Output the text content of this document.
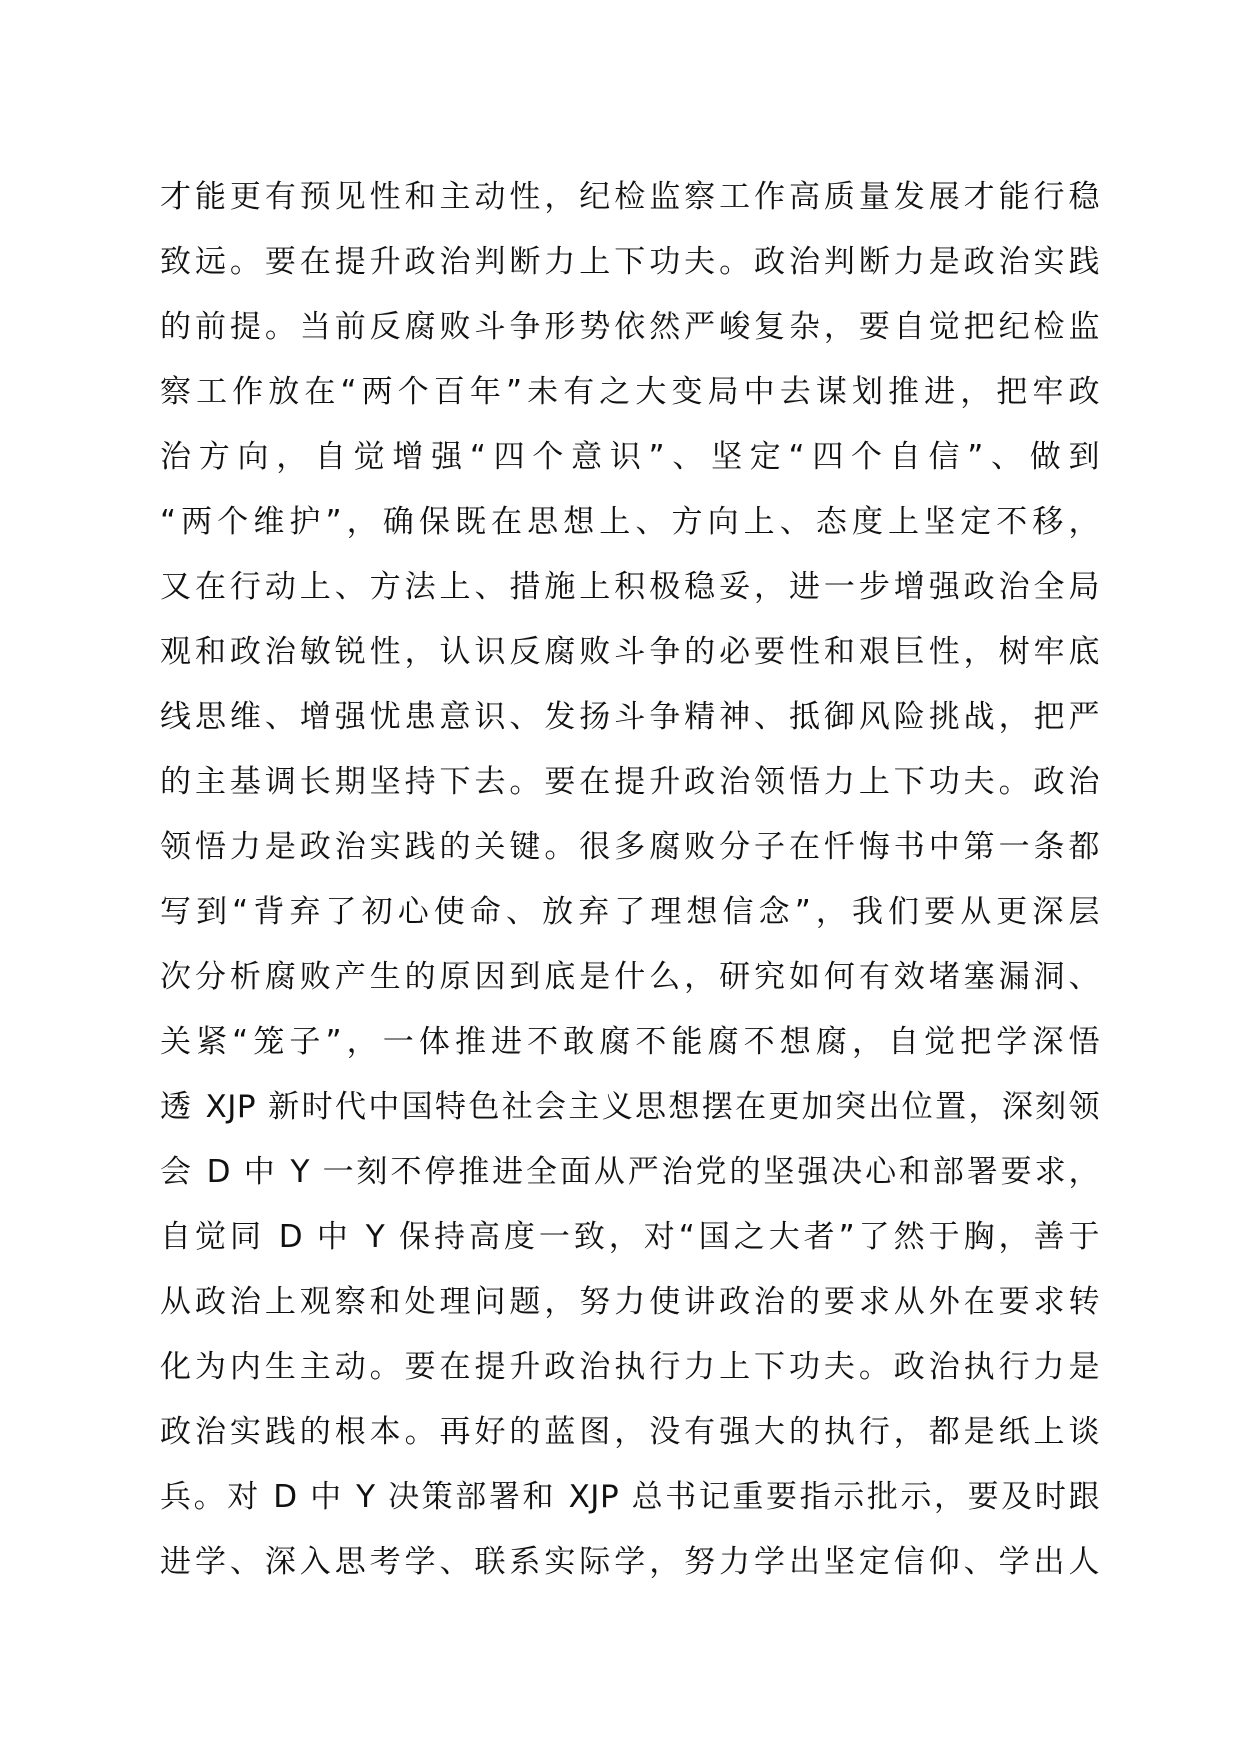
才能更有预见性和主动性，纪检监察工作高质量发展才能行稳
致远。要在提升政治判断力上下功夫。政治判断力是政治实践
的前提。当前反腐败斗争形势依然严峻复杂，要自觉把纪检监
察工作放在“两个百年”未有之大变局中去谋划推进，把牢政
治方向，自觉增强“四个意识”、坚定“四个自信”、做到
“两个维护”，确保既在思想上、方向上、态度上坚定不移，
又在行动上、方法上、措施上积极稳妥，进一步增强政治全局
观和政治敏锐性，认识反腐败斗争的必要性和艰巨性，树牢底
线思维、增强忧患意识、发扬斗争精神、抵御风险挑战，把严
的主基调长期坚持下去。要在提升政治领悟力上下功夫。政治
领悟力是政治实践的关键。很多腐败分子在忏悔书中第一条都
写到“背弃了初心使命、放弃了理想信念”，我们要从更深层
次分析腐败产生的原因到底是什么，研究如何有效堵塞漏洞、
关紧“笼子”，一体推进不敢腐不能腐不想腐，自觉把学深悟
透 XJP 新时代中国特色社会主义思想摆在更加突出位置，深刻领
会 D 中 Y 一刻不停推进全面从严治党的坚强决心和部署要求，
自觉同 D 中 Y 保持高度一致，对“国之大者”了然于胸，善于
从政治上观察和处理问题，努力使讲政治的要求从外在要求转
化为内生主动。要在提升政治执行力上下功夫。政治执行力是
政治实践的根本。再好的蓝图，没有强大的执行，都是纸上谈
兵。对 D 中 Y 决策部署和 XJP 总书记重要指示批示，要及时跟
进学、深入思考学、联系实际学，努力学出坚定信仰、学出人
